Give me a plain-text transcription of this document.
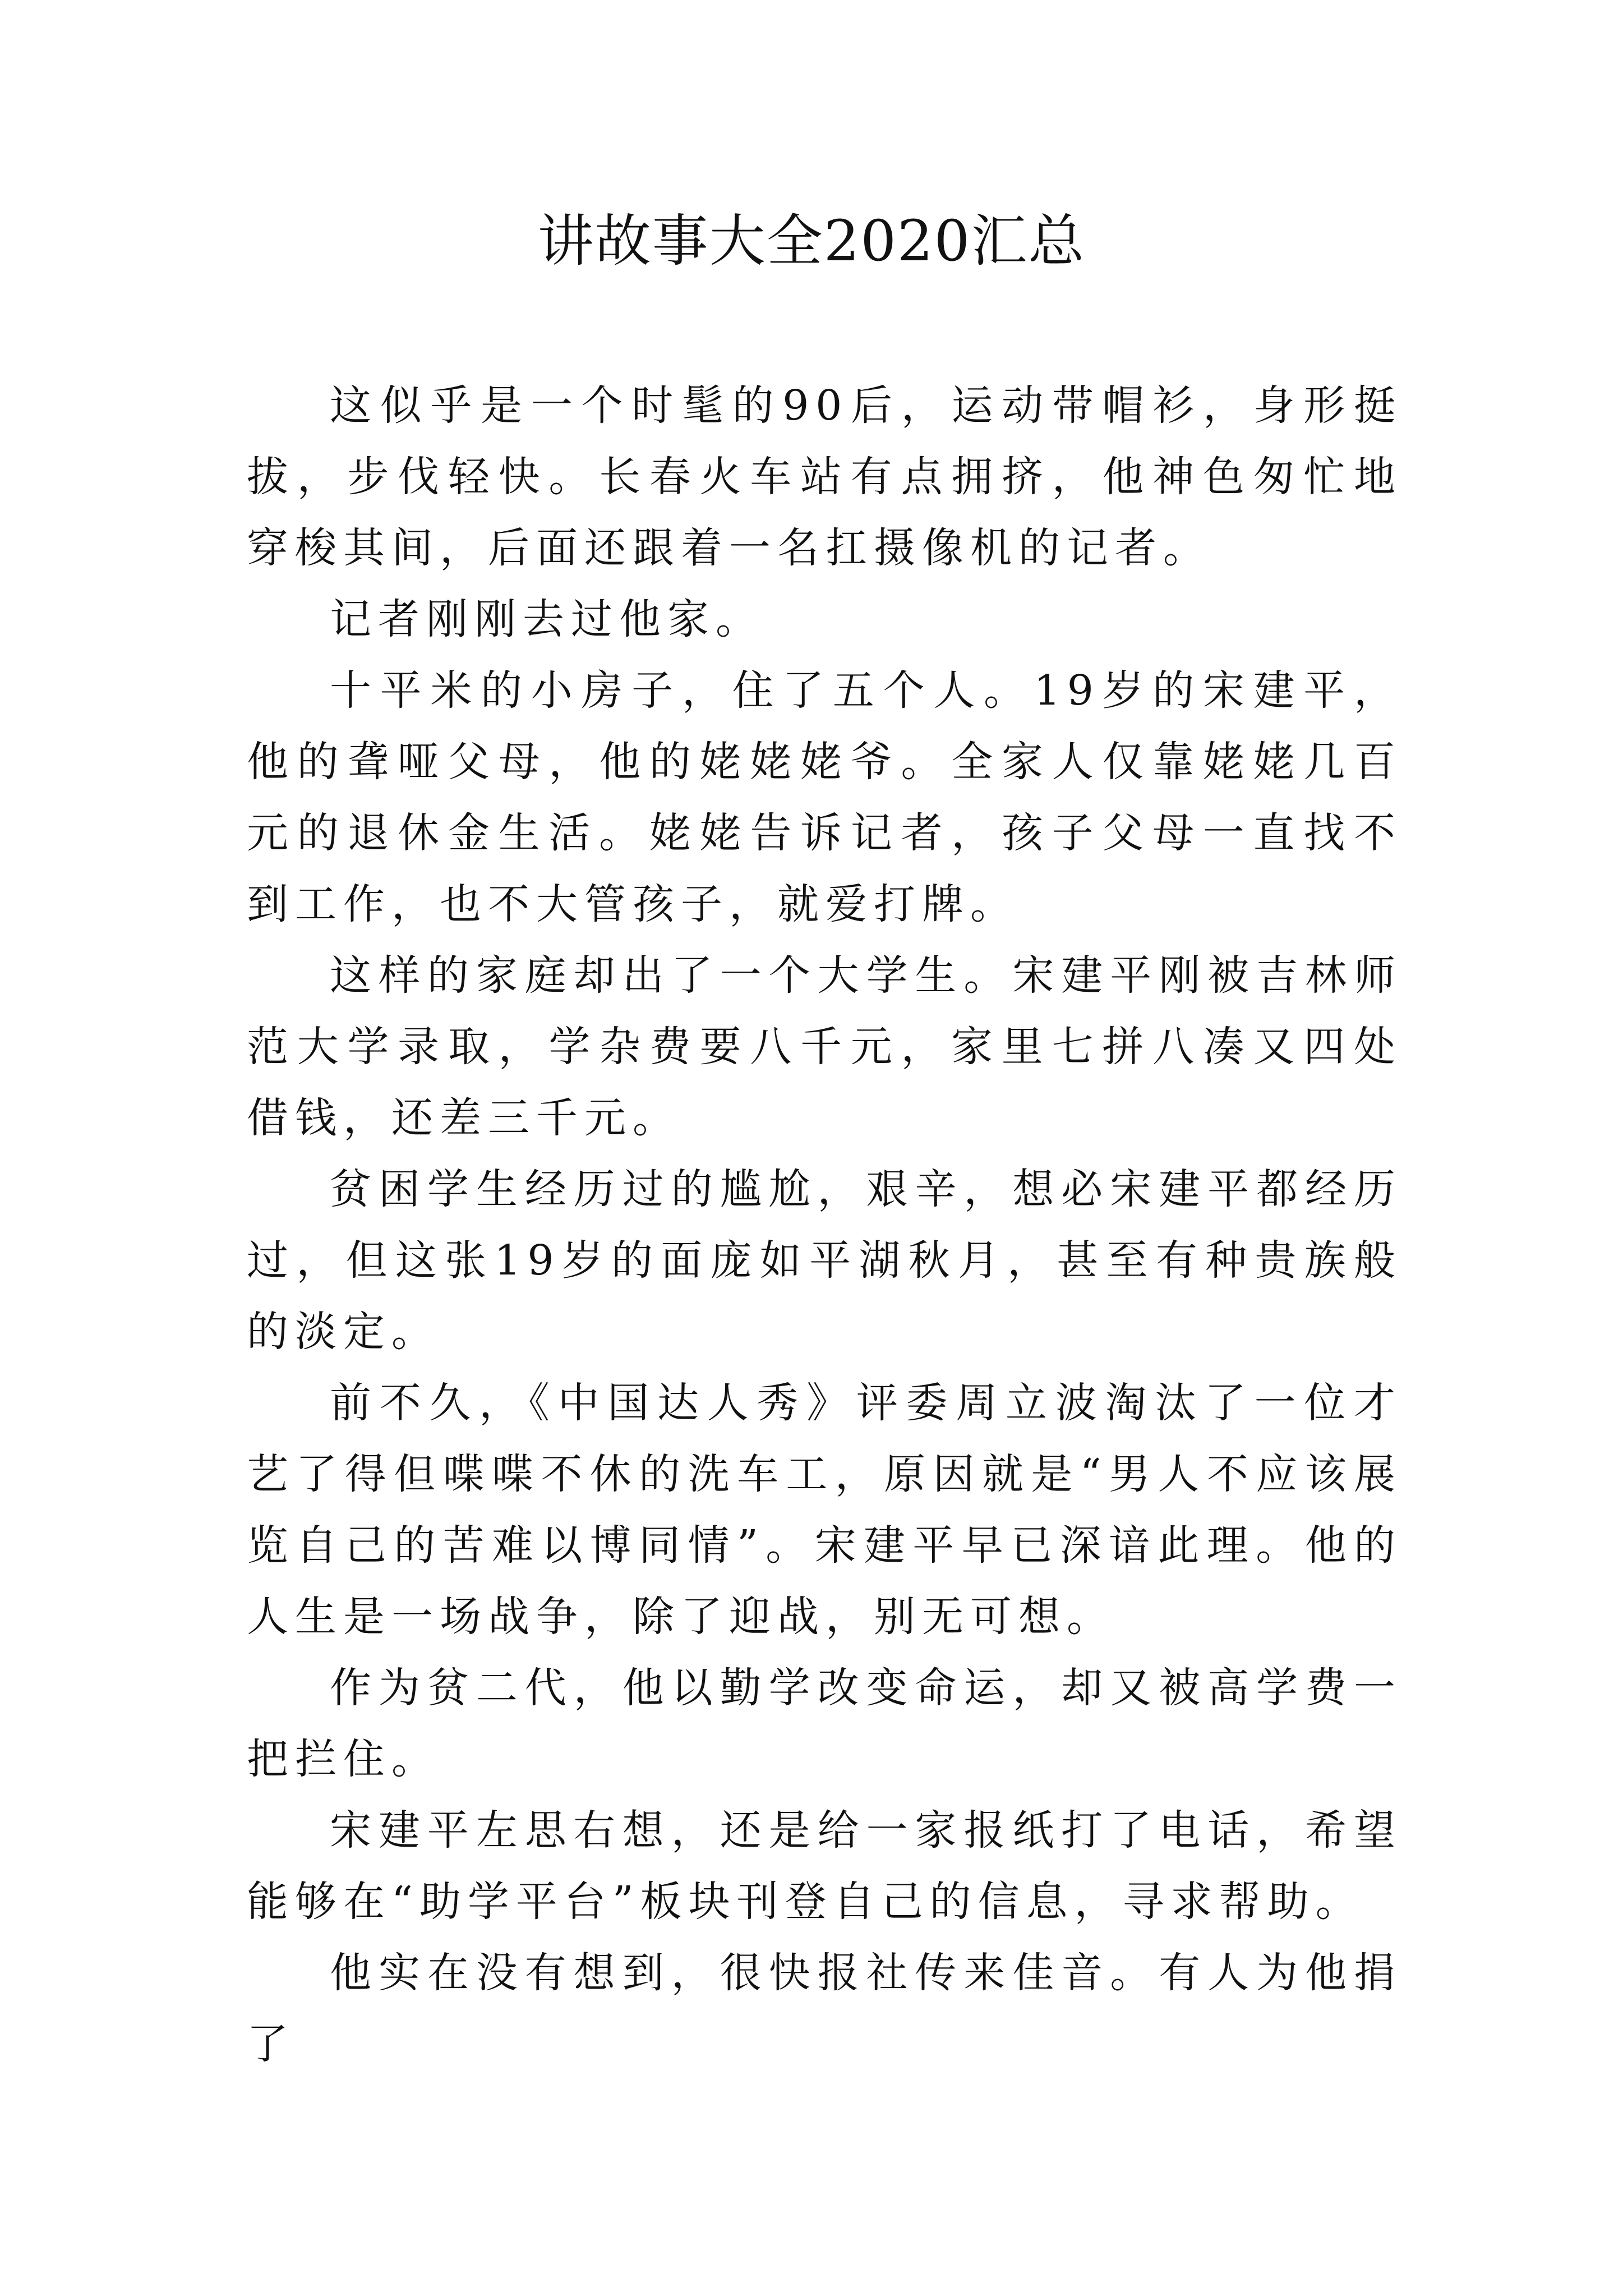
讲故事大全2020汇总

这似乎是一个时髦的90后，运动带帽衫，身形挺拔，步伐轻快。长春火车站有点拥挤，他神色匆忙地穿梭其间，后面还跟着一名扛摄像机的记者。

记者刚刚去过他家。

十平米的小房子，住了五个人。19岁的宋建平，他的聋哑父母，他的姥姥姥爷。全家人仅靠姥姥几百元的退休金生活。姥姥告诉记者，孩子父母一直找不到工作，也不大管孩子，就爱打牌。

这样的家庭却出了一个大学生。宋建平刚被吉林师范大学录取，学杂费要八千元，家里七拼八凑又四处借钱，还差三千元。

贫困学生经历过的尴尬，艰辛，想必宋建平都经历过，但这张19岁的面庞如平湖秋月，甚至有种贵族般的淡定。

前不久，《中国达人秀》评委周立波淘汰了一位才艺了得但喋喋不休的洗车工，原因就是“男人不应该展览自己的苦难以博同情”。宋建平早已深谙此理。他的人生是一场战争，除了迎战，别无可想。

作为贫二代，他以勤学改变命运，却又被高学费一把拦住。

宋建平左思右想，还是给一家报纸打了电话，希望能够在“助学平台”板块刊登自己的信息，寻求帮助。

他实在没有想到，很快报社传来佳音。有人为他捐了
